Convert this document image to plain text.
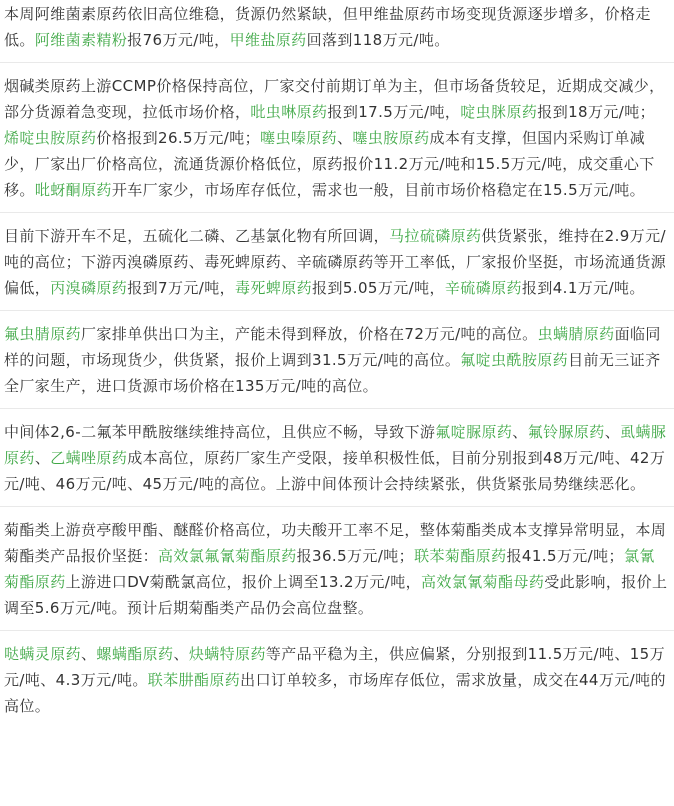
本周阿维菌素原药依旧高位维稳，货源仍然紧缺，但甲维盐原药市场变现货源逐步增多，价格走低。阿维菌素精粉报76万元/吨，甲维盐原药回落到118万元/吨。

烟碱类原药上游CCMP价格保持高位，厂家交付前期订单为主，但市场备货较足，近期成交减少，部分货源着急变现，拉低市场价格，吡虫啉原药报到17.5万元/吨，啶虫脒原药报到18万元/吨；烯啶虫胺原药价格报到26.5万元/吨；噻虫嗪原药、噻虫胺原药成本有支撑，但国内采购订单减少，厂家出厂价格高位，流通货源价格低位，原药报价11.2万元/吨和15.5万元/吨，成交重心下移。吡蚜酮原药开车厂家少，市场库存低位，需求也一般，目前市场价格稳定在15.5万元/吨。

目前下游开车不足，五硫化二磷、乙基氯化物有所回调，马拉硫磷原药供货紧张，维持在2.9万元/吨的高位；下游丙溴磷原药、毒死蜱原药、辛硫磷原药等开工率低，厂家报价坚挺，市场流通货源偏低，丙溴磷原药报到7万元/吨，毒死蜱原药报到5.05万元/吨，辛硫磷原药报到4.1万元/吨。

氟虫腈原药厂家排单供出口为主，产能未得到释放，价格在72万元/吨的高位。虫螨腈原药面临同样的问题，市场现货少，供货紧，报价上调到31.5万元/吨的高位。氟啶虫酰胺原药目前无三证齐全厂家生产，进口货源市场价格在135万元/吨的高位。

中间体2,6-二氟苯甲酰胺继续维持高位，且供应不畅，导致下游氟啶脲原药、氟铃脲原药、虱螨脲原药、乙螨唑原药成本高位，原药厂家生产受限，接单积极性低，目前分别报到48万元/吨、42万元/吨、46万元/吨、45万元/吨的高位。上游中间体预计会持续紧张，供货紧张局势继续恶化。

菊酯类上游贲亭酸甲酯、醚醛价格高位，功夫酸开工率不足，整体菊酯类成本支撑异常明显，本周菊酯类产品报价坚挺：高效氯氟氰菊酯原药报36.5万元/吨；联苯菊酯原药报41.5万元/吨；氯氰菊酯原药上游进口DV菊酰氯高位，报价上调至13.2万元/吨，高效氯氰菊酯母药受此影响，报价上调至5.6万元/吨。预计后期菊酯类产品仍会高位盘整。

哒螨灵原药、螺螨酯原药、炔螨特原药等产品平稳为主，供应偏紧，分别报到11.5万元/吨、15万元/吨、4.3万元/吨。联苯肼酯原药出口订单较多，市场库存低位，需求放量，成交在44万元/吨的高位。
